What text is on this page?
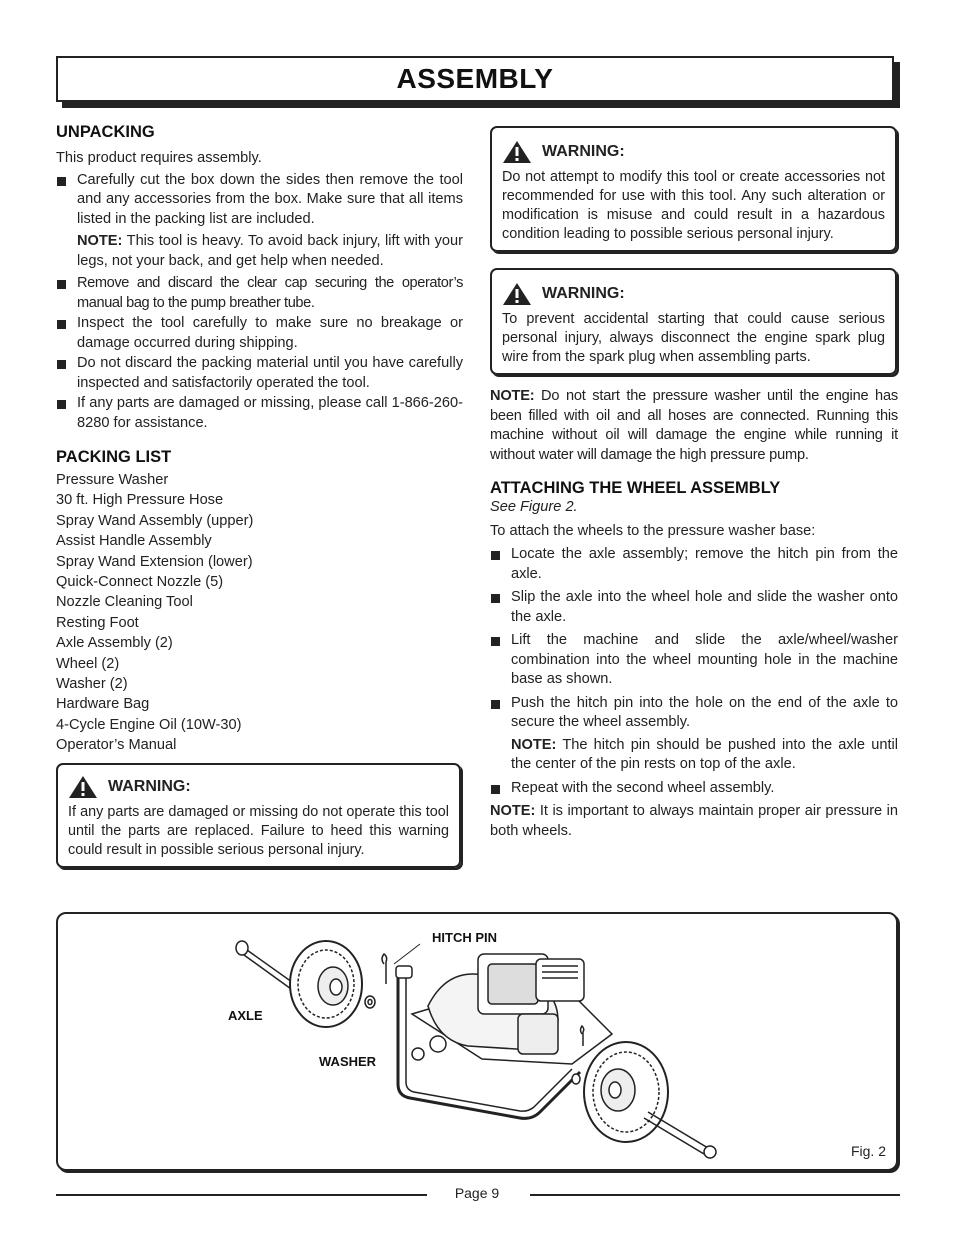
ASSEMBLY
UNPACKING

This product requires assembly.

Carefully cut the box down the sides then remove the tool and any accessories from the box. Make sure that all items listed in the packing list are included.

NOTE: This tool is heavy. To avoid back injury, lift with your legs, not your back, and get help when needed.

Remove and discard the clear cap securing the operator’s manual bag to the pump breather tube.
Inspect the tool carefully to make sure no breakage or damage occurred during shipping.
Do not discard the packing material until you have carefully inspected and satisfactorily operated the tool.
If any parts are damaged or missing, please call 1-866-260-8280 for assistance.
PACKING LIST
Pressure Washer
30 ft. High Pressure Hose
Spray Wand Assembly (upper)
Assist Handle Assembly
Spray Wand Extension (lower)
Quick-Connect Nozzle (5)
Nozzle Cleaning Tool
Resting Foot
Axle Assembly (2)
Wheel (2)
Washer (2)
Hardware Bag
4-Cycle Engine Oil (10W-30)
Operator’s Manual
WARNING:
If any parts are damaged or missing do not operate this tool until the parts are replaced. Failure to heed this warning could result in possible serious personal injury.
WARNING:
Do not attempt to modify this tool or create accessories not recommended for use with this tool. Any such alteration or modification is misuse and could result in a hazardous condition leading to possible serious personal injury.
WARNING:
To prevent accidental starting that could cause serious personal injury, always disconnect the engine spark plug wire from the spark plug when assembling parts.

NOTE: Do not start the pressure washer until the engine has been filled with oil and all hoses are connected. Running this machine without oil will damage the engine while running it without water will damage the high pressure pump.

ATTACHING THE WHEEL ASSEMBLY

See Figure 2.

To attach the wheels to the pressure washer base:

Locate the axle assembly; remove the hitch pin from the axle.
Slip the axle into the wheel hole and slide the washer onto the axle.
Lift the machine and slide the axle/wheel/washer combination into the wheel mounting hole in the machine base as shown.
Push the hitch pin into the hole on the end of the axle to secure the wheel assembly.

NOTE: The hitch pin should be pushed into the axle until the center of the pin rests on top of the axle.

Repeat with the second wheel assembly.

NOTE: It is important to always maintain proper air pressure in both wheels.

HITCH PIN
AXLE
WASHER
Fig. 2
Page 9
